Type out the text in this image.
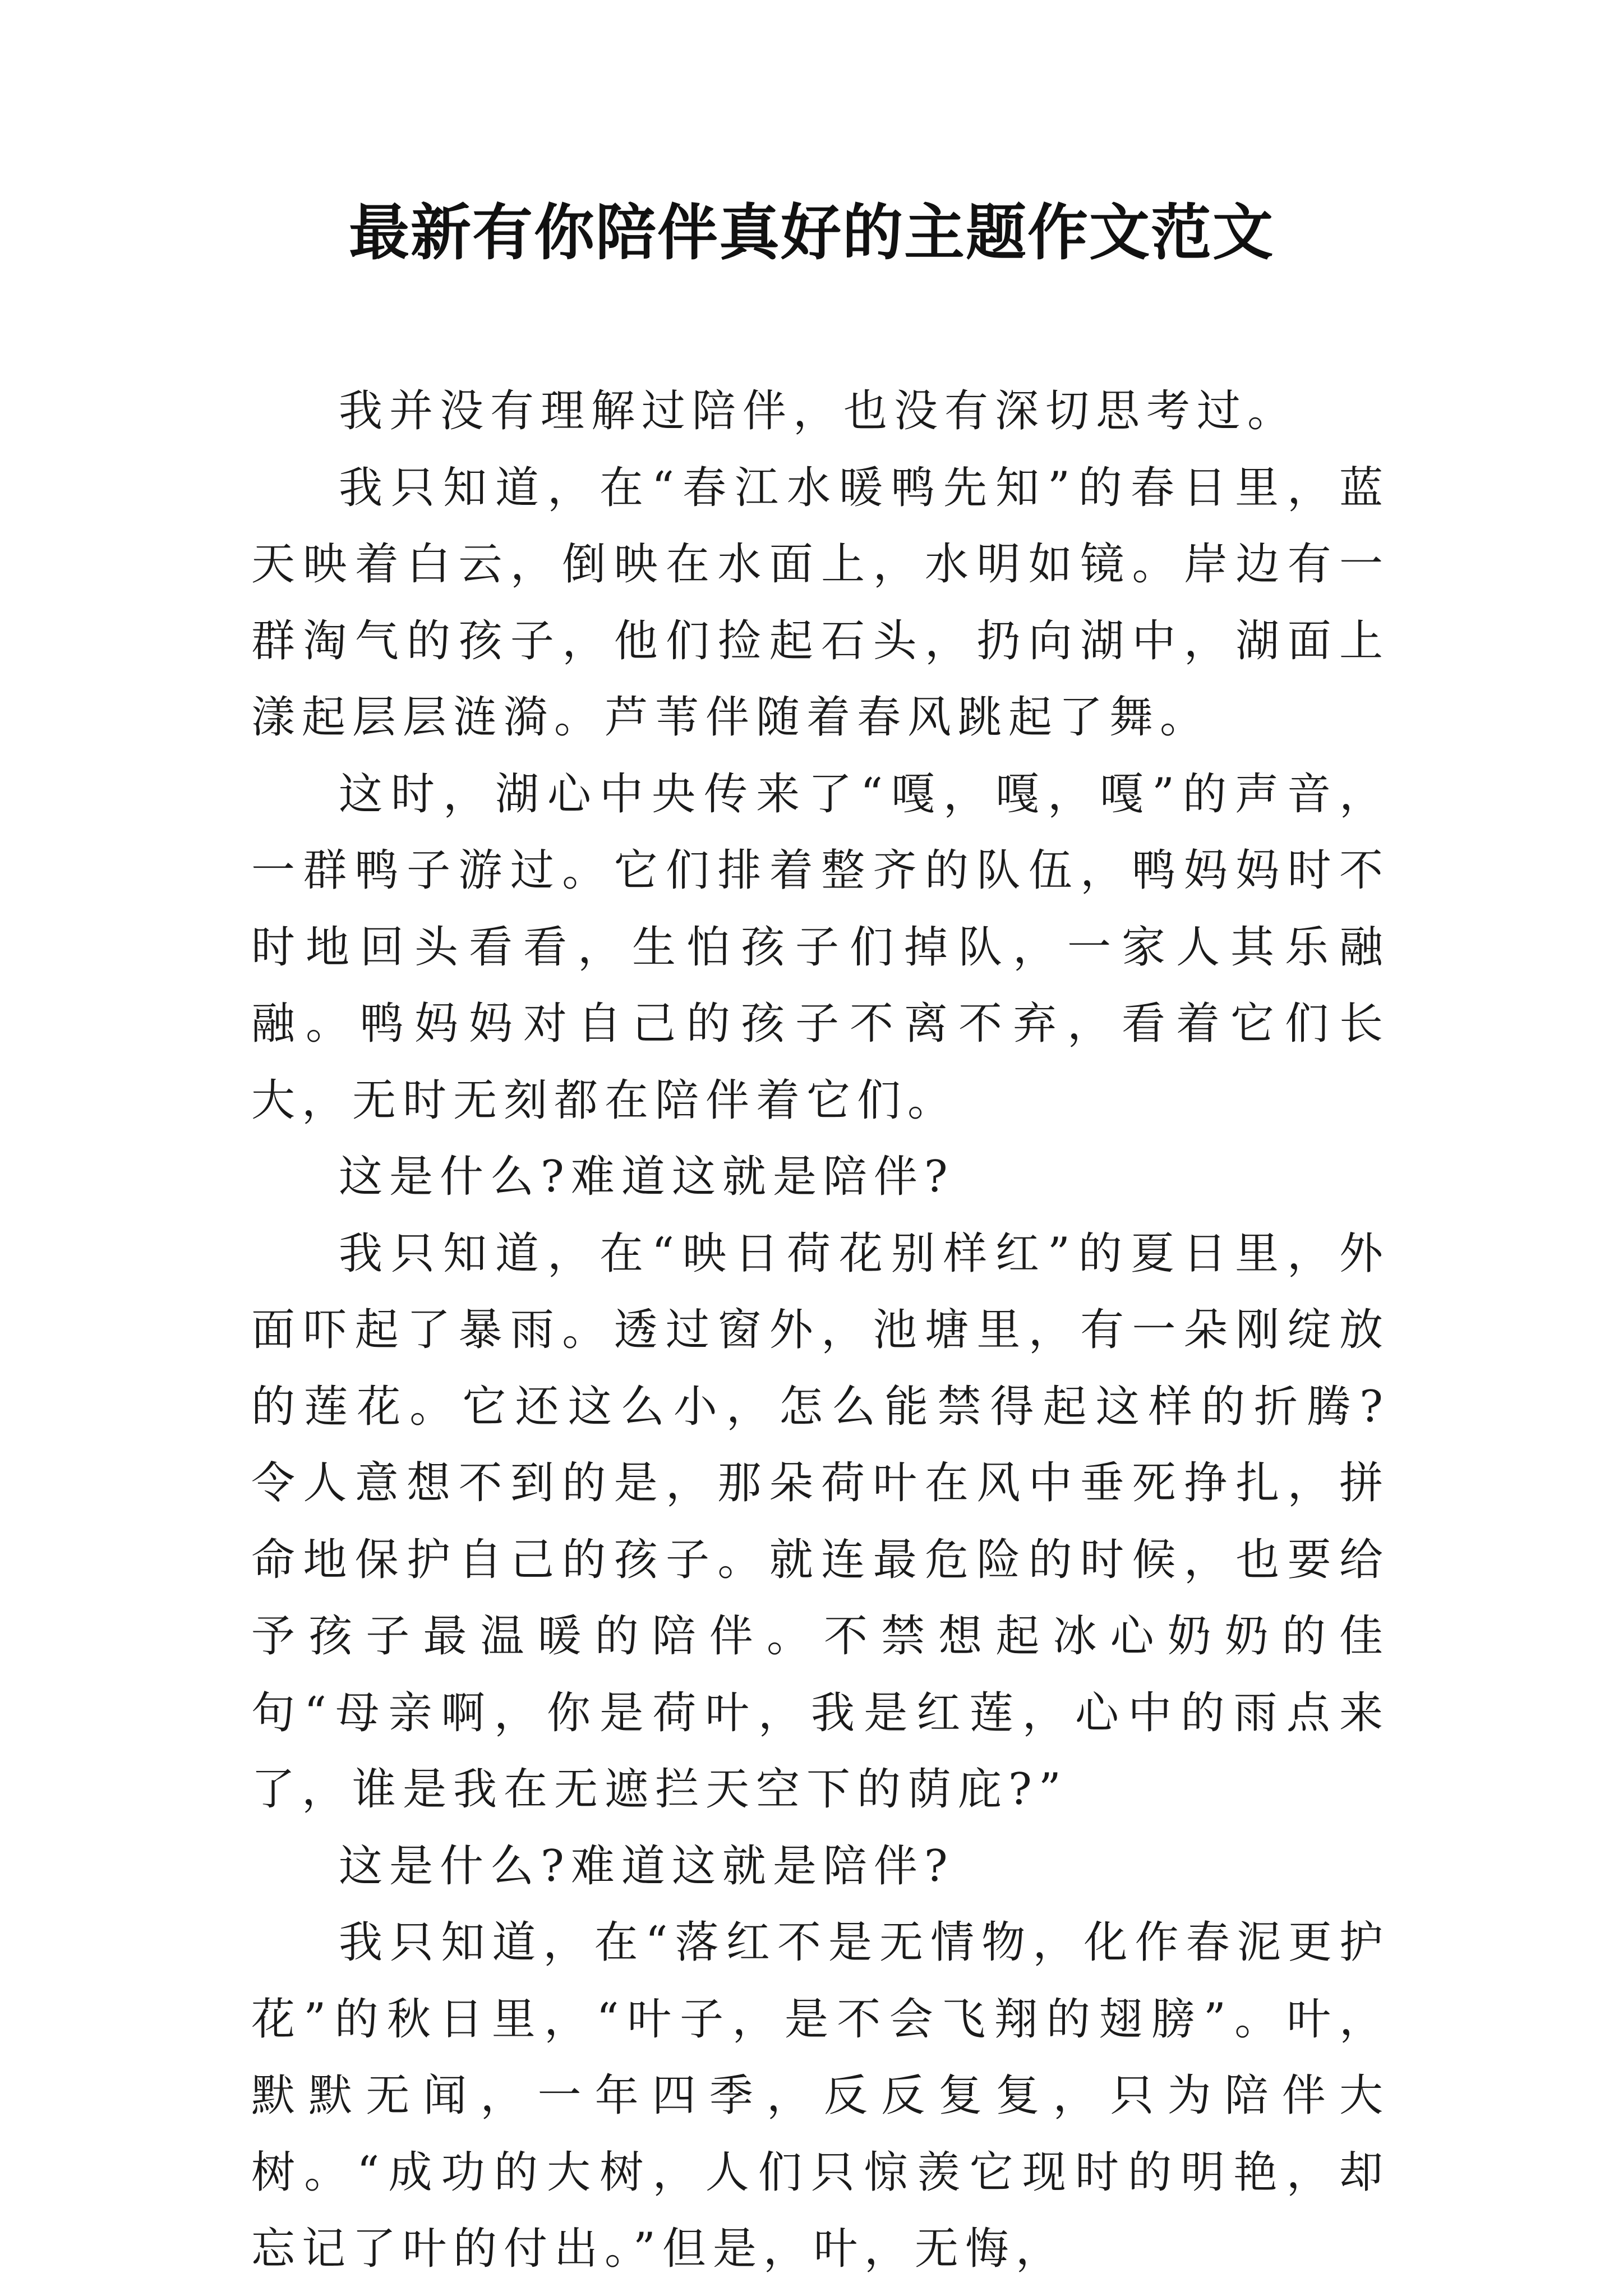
最新有你陪伴真好的主题作文范文

我并没有理解过陪伴，也没有深切思考过。

我只知道，在“春江水暖鸭先知”的春日里，蓝天映着白云，倒映在水面上，水明如镜。岸边有一群淘气的孩子，他们捡起石头，扔向湖中，湖面上漾起层层涟漪。芦苇伴随着春风跳起了舞。

这时，湖心中央传来了“嘎，嘎，嘎”的声音，一群鸭子游过。它们排着整齐的队伍，鸭妈妈时不时地回头看看，生怕孩子们掉队，一家人其乐融融。鸭妈妈对自己的孩子不离不弃，看着它们长大，无时无刻都在陪伴着它们。

这是什么?难道这就是陪伴?

我只知道，在“映日荷花别样红”的夏日里，外面吓起了暴雨。透过窗外，池塘里，有一朵刚绽放的莲花。它还这么小，怎么能禁得起这样的折腾?令人意想不到的是，那朵荷叶在风中垂死挣扎，拼命地保护自己的孩子。就连最危险的时候，也要给予孩子最温暖的陪伴。不禁想起冰心奶奶的佳句“母亲啊，你是荷叶，我是红莲，心中的雨点来了，谁是我在无遮拦天空下的荫庇?”

这是什么?难道这就是陪伴?

我只知道，在“落红不是无情物，化作春泥更护花”的秋日里，“叶子，是不会飞翔的翅膀”。叶，默默无闻，一年四季，反反复复，只为陪伴大树。“成功的大树，人们只惊羡它现时的明艳，却忘记了叶的付出。”但是，叶，无悔，
